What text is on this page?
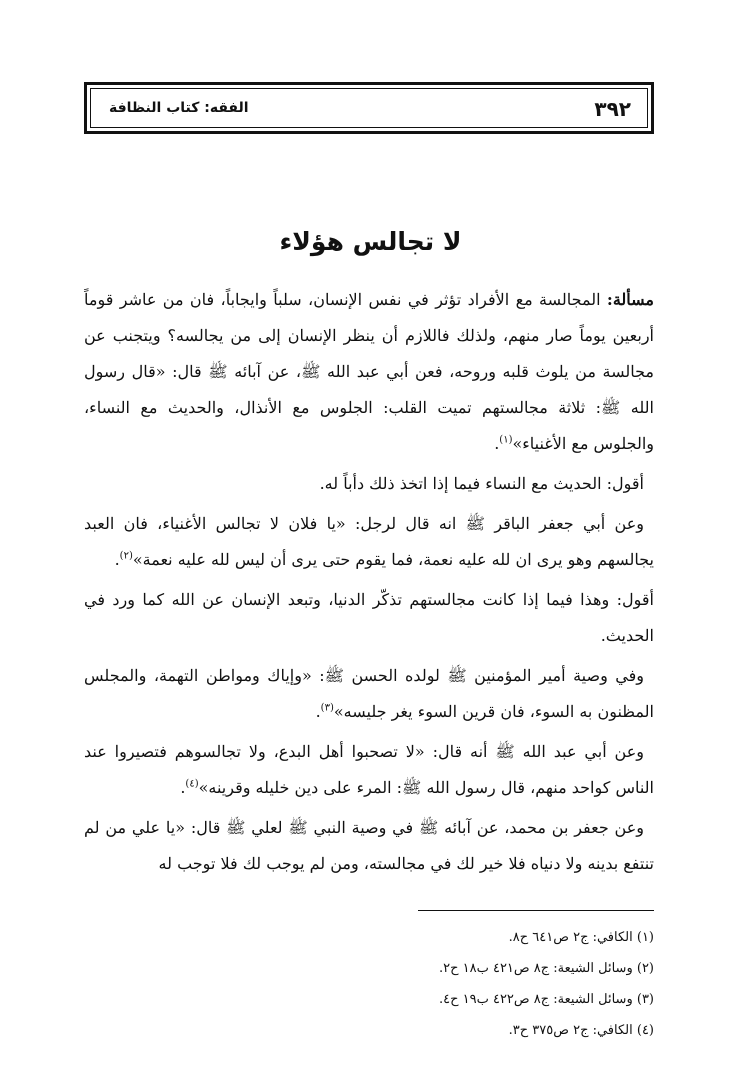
٣٩٢
الفقه: كتاب النظافة
لا تجالس هؤلاء

مسألة: المجالسة مع الأفراد تؤثر في نفس الإنسان، سلباً وايجاباً، فان من عاشر قوماً أربعين يوماً صار منهم، ولذلك فاللازم أن ينظر الإنسان إلى من يجالسه؟ ويتجنب عن مجالسة من يلوث قلبه وروحه، فعن أبي عبد الله ﷺ، عن آبائه ﷺ قال: «قال رسول الله ﷺ: ثلاثة مجالستهم تميت القلب: الجلوس مع الأنذال، والحديث مع النساء، والجلوس مع الأغنياء»$^{(١)}$.

أقول: الحديث مع النساء فيما إذا اتخذ ذلك دأباً له.

وعن أبي جعفر الباقر ﷺ انه قال لرجل: «يا فلان لا تجالس الأغنياء، فان العبد يجالسهم وهو يرى ان لله عليه نعمة، فما يقوم حتى يرى أن ليس لله عليه نعمة»$^{(٢)}$.

أقول: وهذا فيما إذا كانت مجالستهم تذكّر الدنيا، وتبعد الإنسان عن الله كما ورد في الحديث.

وفي وصية أمير المؤمنين ﷺ لولده الحسن ﷺ: «وإياك ومواطن التهمة، والمجلس المظنون به السوء، فان قرين السوء يغر جليسه»$^{(٣)}$.

وعن أبي عبد الله ﷺ أنه قال: «لا تصحبوا أهل البدع، ولا تجالسوهم فتصيروا عند الناس كواحد منهم، قال رسول الله ﷺ: المرء على دين خليله وقرينه»$^{(٤)}$.

وعن جعفر بن محمد، عن آبائه ﷺ في وصية النبي ﷺ لعلي ﷺ قال: «يا علي من لم تنتفع بدينه ولا دنياه فلا خير لك في مجالسته، ومن لم يوجب لك فلا توجب له

(١) الكافي: ج٢ ص٦٤١ ح٨.
(٢) وسائل الشيعة: ج٨ ص٤٢١ ب١٨ ح٢.
(٣) وسائل الشيعة: ج٨ ص٤٢٢ ب١٩ ح٤.
(٤) الكافي: ج٢ ص٣٧٥ ح٣.
